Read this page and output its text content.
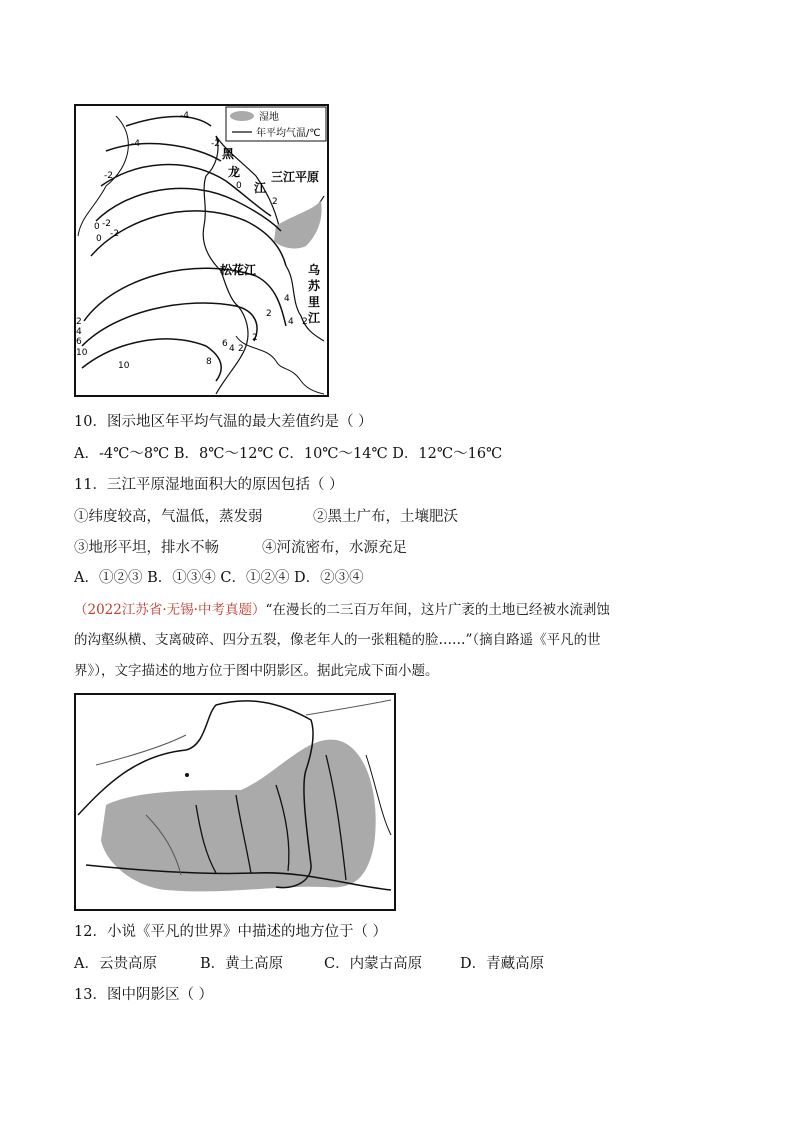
湿地
年平均气温/℃
-4
-4
-2
-2
-2
0
0
0
-2
2
2
4
6
10
2
4
6 4 2
8
10
2
4 2
黑
龙
江
三江平原
松花江	乌
苏
里
江
10．图示地区年平均气温的最大差值约是（ ）
A．-4℃～8℃ B．8℃～12℃ C．10℃～14℃ D．12℃～16℃
11．三江平原湿地面积大的原因包括（ ）
①纬度较高，气温低，蒸发弱	②黑土广布，土壤肥沃
③地形平坦，排水不畅	④河流密布，水源充足
A．①②③ B．①③④ C．①②④ D．②③④
（2022江苏省·无锡·中考真题）“在漫长的二三百万年间，这片广袤的土地已经被水流剥蚀
的沟壑纵横、支离破碎、四分五裂，像老年人的一张粗糙的脸……”（摘自路遥《平凡的世
界》），文字描述的地方位于图中阴影区。据此完成下面小题。
12．小说《平凡的世界》中描述的地方位于（ ）
A．云贵高原	B．黄土高原	C．内蒙古高原	D．青藏高原
13．图中阴影区（ ）
